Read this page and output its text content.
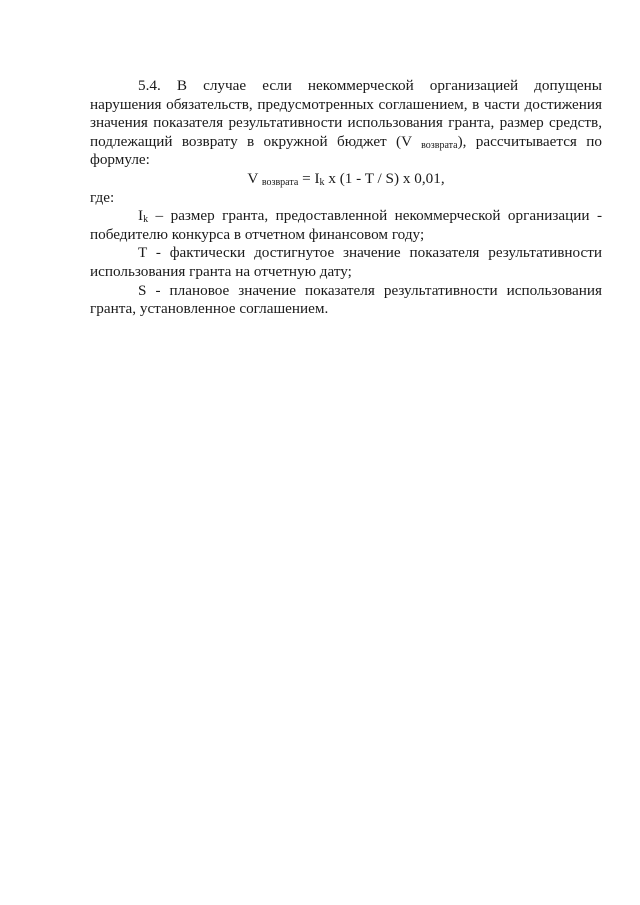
5.4. В случае если некоммерческой организацией допущены нарушения обязательств, предусмотренных соглашением, в части достижения значения показателя результативности использования гранта, размер средств, подлежащий возврату в окружной бюджет (V $_{возврата}$), рассчитывается по формуле:

V $_{возврата} = I_k$ x (1 - T / S) x 0,01,

где:

$I_k$ – размер гранта, предоставленной некоммерческой организации - победителю конкурса в отчетном финансовом году;

T - фактически достигнутое значение показателя результативности использования гранта на отчетную дату;

S - плановое значение показателя результативности использования гранта, установленное соглашением.
